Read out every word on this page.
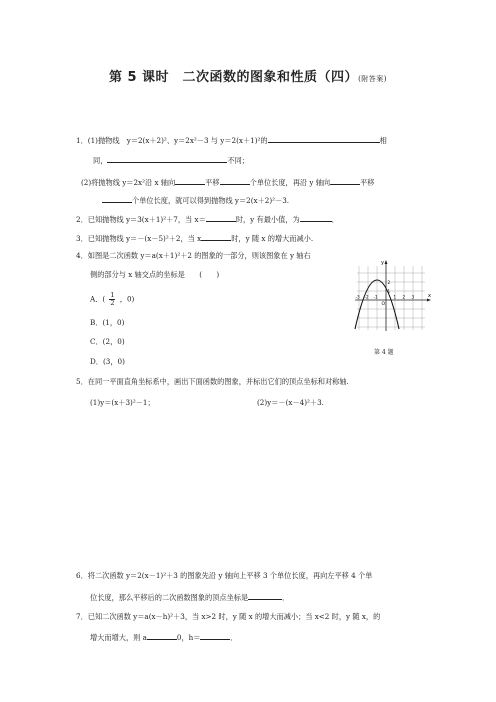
第 5 课时　二次函数的图象和性质（四）(附答案)
1．(1)抛物线　y＝2(x＋2)²、y＝2x²－3 与 y＝2(x＋1)²的	相
同，	不同；
(2)将抛物线 y＝2x²沿 x 轴向	平移	个单位长度，再沿 y 轴向	平移
个单位长度，就可以得到抛物线 y＝2(x＋2)²－3.
2．已知抛物线 y＝3(x＋1)²＋7，当 x＝	时，y 有最小值，为	．
3．已知抛物线 y＝－(x－5)²＋2，当 x	时，y 随 x 的增大而减小.
4．如图是二次函数 y＝a(x＋1)²＋2 的图象的一部分，则该图象在 y 轴右
侧的部分与 x 轴交点的坐标是　　(　　)
A．( $\frac{1}{2}$ ，0)
B．(1，0)
C．(2，0)
D．(3，0)
y
x
O
-3 -2 -1	1 2 3
2
1
第 4 题
5．在同一平面直角坐标系中，画出下面函数的图象，并标出它们的顶点坐标和对称轴.
(1)y＝(x＋3)²－1；	(2)y＝－(x－4)²＋3.
6．将二次函数 y＝2(x－1)²＋3 的图象先沿 y 轴向上平移 3 个单位长度，再向左平移 4 个单
位长度，那么平移后的二次函数图象的顶点坐标是	．
7．已知二次函数 y＝a(x－h)²＋3，当 x>2 时，y 随 x 的增大而减小；当 x<2 时，y 随 x，的
增大而增大，则 a	0，h＝	．
